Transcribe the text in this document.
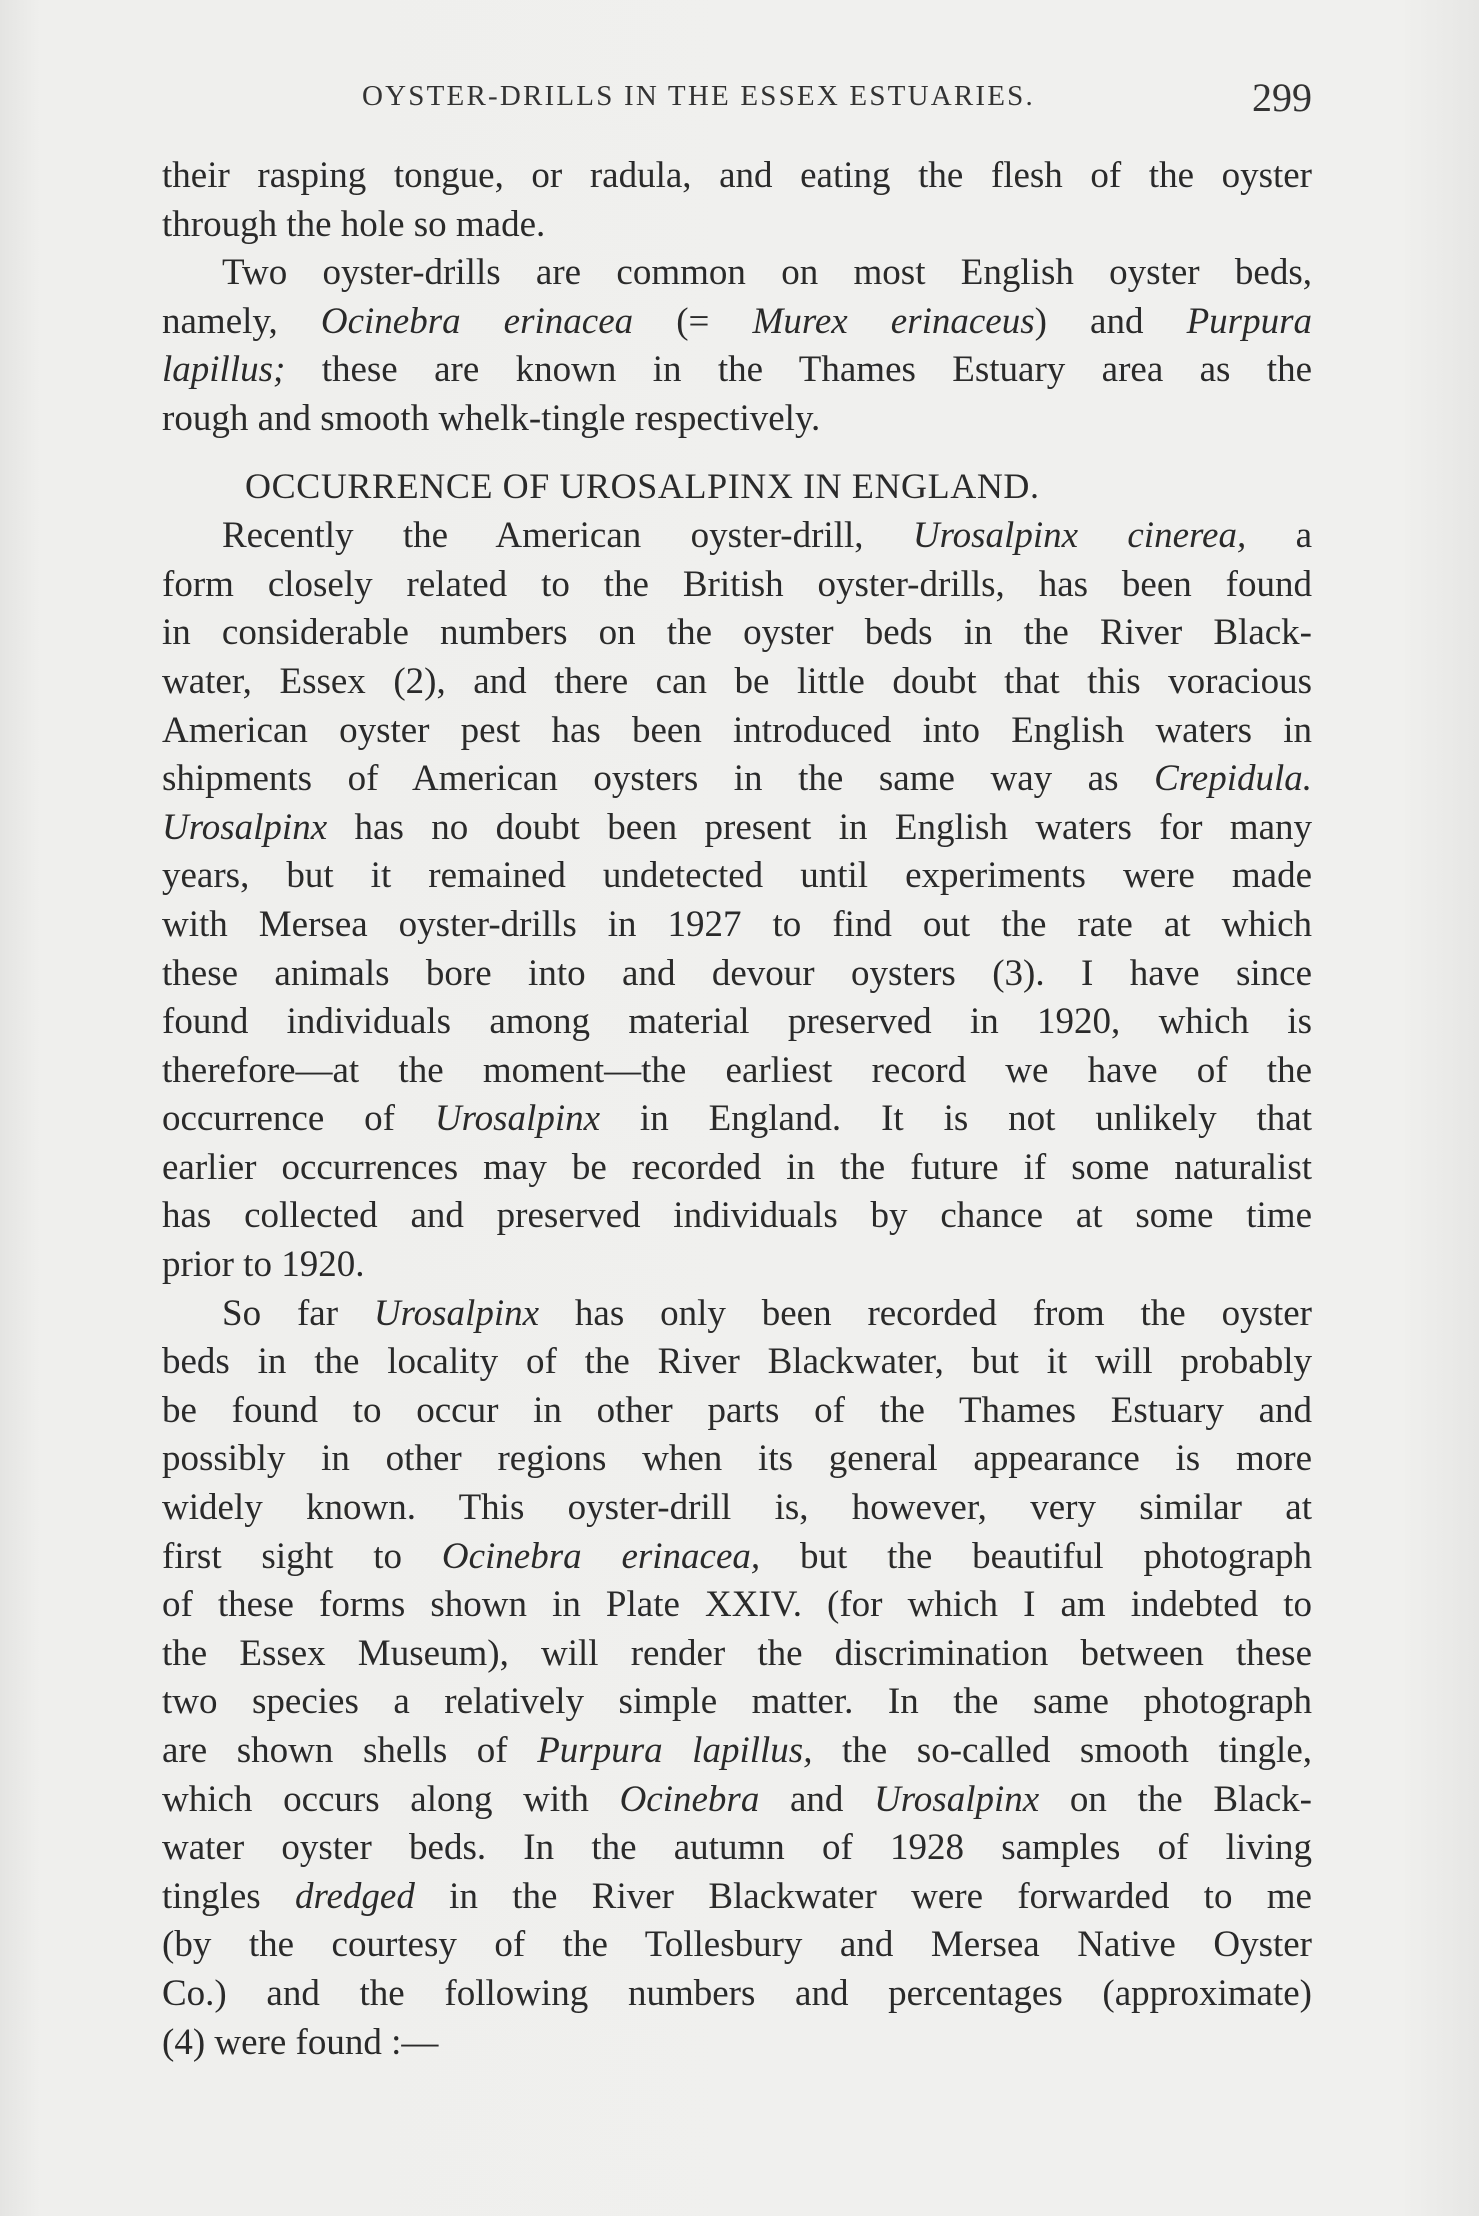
OYSTER-DRILLS IN THE ESSEX ESTUARIES.	299
their rasping tongue, or radula, and eating the flesh of the oyster
through the hole so made.
Two oyster-drills are common on most English oyster beds,
namely, Ocinebra erinacea (= Murex erinaceus) and Purpura
lapillus; these are known in the Thames Estuary area as the
rough and smooth whelk-tingle respectively.
OCCURRENCE OF UROSALPINX IN ENGLAND.
Recently the American oyster-drill, Urosalpinx cinerea, a
form closely related to the British oyster-drills, has been found
in considerable numbers on the oyster beds in the River Black-
water, Essex (2), and there can be little doubt that this voracious
American oyster pest has been introduced into English waters in
shipments of American oysters in the same way as Crepidula.
Urosalpinx has no doubt been present in English waters for many
years, but it remained undetected until experiments were made
with Mersea oyster-drills in 1927 to find out the rate at which
these animals bore into and devour oysters (3). I have since
found individuals among material preserved in 1920, which is
therefore—at the moment—the earliest record we have of the
occurrence of Urosalpinx in England. It is not unlikely that
earlier occurrences may be recorded in the future if some naturalist
has collected and preserved individuals by chance at some time
prior to 1920.
So far Urosalpinx has only been recorded from the oyster
beds in the locality of the River Blackwater, but it will probably
be found to occur in other parts of the Thames Estuary and
possibly in other regions when its general appearance is more
widely known. This oyster-drill is, however, very similar at
first sight to Ocinebra erinacea, but the beautiful photograph
of these forms shown in Plate XXIV. (for which I am indebted to
the Essex Museum), will render the discrimination between these
two species a relatively simple matter. In the same photograph
are shown shells of Purpura lapillus, the so-called smooth tingle,
which occurs along with Ocinebra and Urosalpinx on the Black-
water oyster beds. In the autumn of 1928 samples of living
tingles dredged in the River Blackwater were forwarded to me
(by the courtesy of the Tollesbury and Mersea Native Oyster
Co.) and the following numbers and percentages (approximate)
(4) were found :—
